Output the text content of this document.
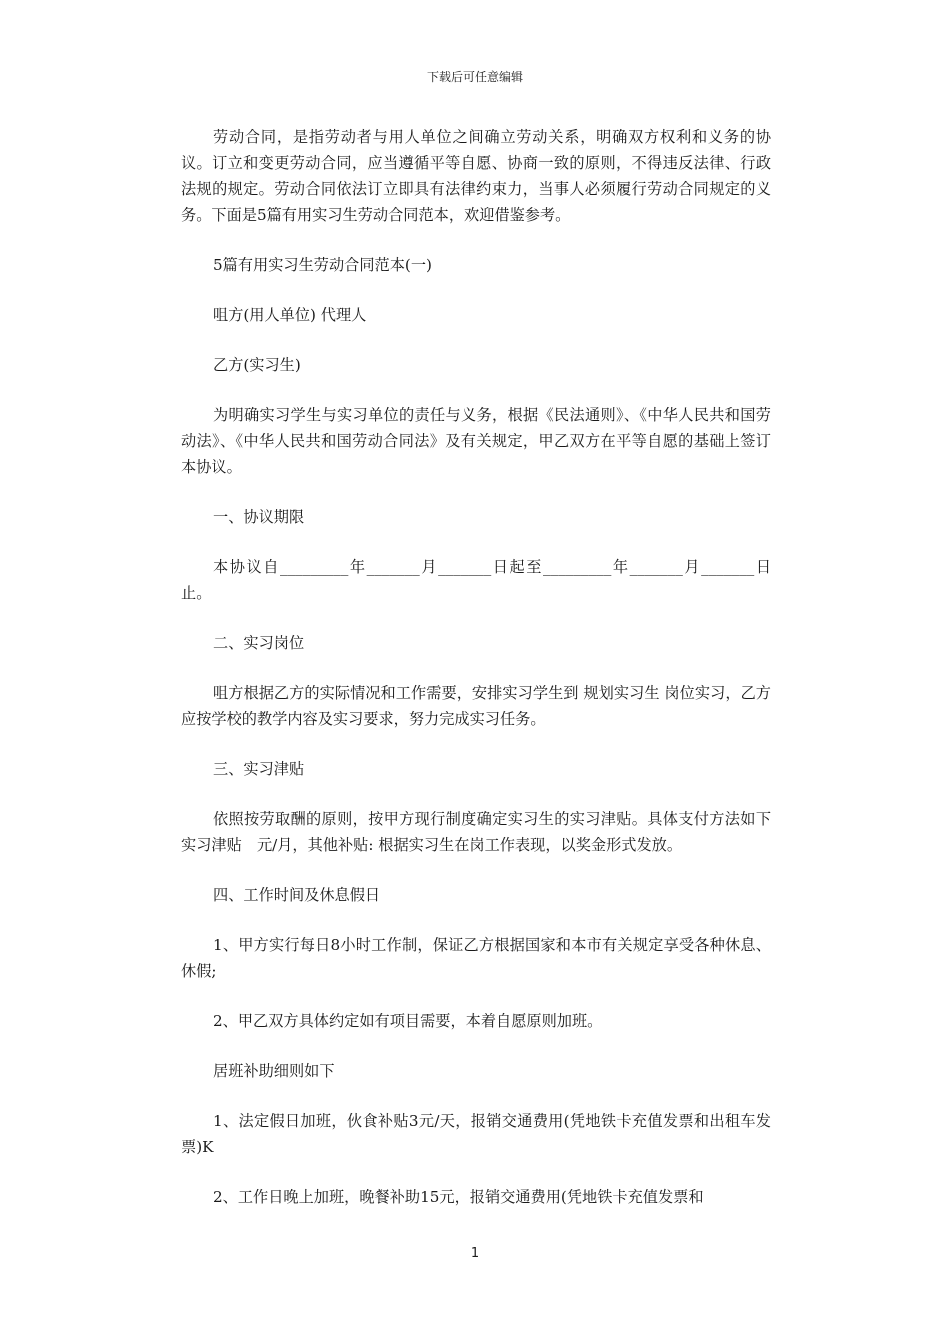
下载后可任意编辑

劳动合同，是指劳动者与用人单位之间确立劳动关系，明确双方权利和义务的协议。订立和变更劳动合同，应当遵循平等自愿、协商一致的原则，不得违反法律、行政法规的规定。劳动合同依法订立即具有法律约束力，当事人必须履行劳动合同规定的义务。下面是5篇有用实习生劳动合同范本，欢迎借鉴参考。

5篇有用实习生劳动合同范本(一)

咀方(用人单位) 代理人

乙方(实习生)

为明确实习学生与实习单位的责任与义务，根据《民法通则》、《中华人民共和国劳动法》、《中华人民共和国劳动合同法》及有关规定，甲乙双方在平等自愿的基础上签订本协议。

一、协议期限

本协议自_________年_______月_______日起至_________年_______月_______日止。

二、实习岗位

咀方根据乙方的实际情况和工作需要，安排实习学生到 规划实习生 岗位实习，乙方应按学校的教学内容及实习要求，努力完成实习任务。

三、实习津贴

依照按劳取酬的原则，按甲方现行制度确定实习生的实习津贴。具体支付方法如下实习津贴　元/月，其他补贴: 根据实习生在岗工作表现，以奖金形式发放。

四、工作时间及休息假日

1、甲方实行每日8小时工作制，保证乙方根据国家和本市有关规定享受各种休息、休假;

2、甲乙双方具体约定如有项目需要，本着自愿原则加班。

居班补助细则如下

1、法定假日加班，伙食补贴3元/天，报销交通费用(凭地铁卡充值发票和出租车发票)K

2、工作日晚上加班，晚餐补助15元，报销交通费用(凭地铁卡充值发票和

1
